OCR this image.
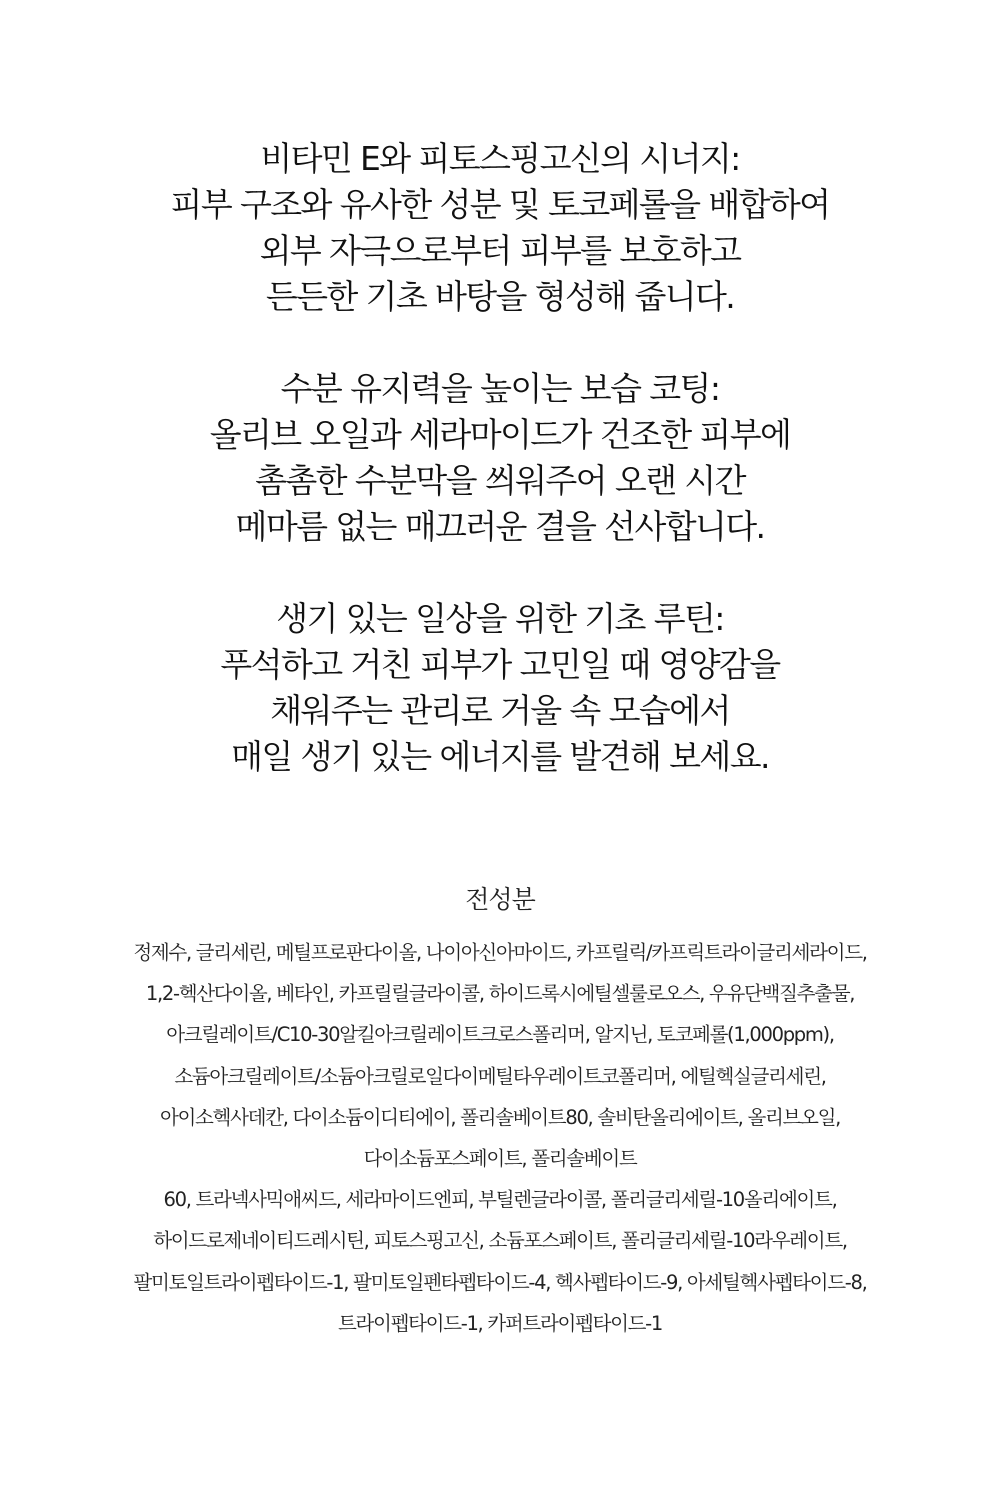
비타민 E와 피토스핑고신의 시너지:
피부 구조와 유사한 성분 및 토코페롤을 배합하여
외부 자극으로부터 피부를 보호하고
든든한 기초 바탕을 형성해 줍니다.
수분 유지력을 높이는 보습 코팅:
올리브 오일과 세라마이드가 건조한 피부에
촘촘한 수분막을 씌워주어 오랜 시간
메마름 없는 매끄러운 결을 선사합니다.
생기 있는 일상을 위한 기초 루틴:
푸석하고 거친 피부가 고민일 때 영양감을
채워주는 관리로 거울 속 모습에서
매일 생기 있는 에너지를 발견해 보세요.
전성분
정제수, 글리세린, 메틸프로판다이올, 나이아신아마이드, 카프릴릭/카프릭트라이글리세라이드,
1,2-헥산다이올, 베타인, 카프릴릴글라이콜, 하이드록시에틸셀룰로오스, 우유단백질추출물,
아크릴레이트/C10-30알킬아크릴레이트크로스폴리머, 알지닌, 토코페롤(1,000ppm),
소듐아크릴레이트/소듐아크릴로일다이메틸타우레이트코폴리머, 에틸헥실글리세린,
아이소헥사데칸, 다이소듐이디티에이, 폴리솔베이트80, 솔비탄올리에이트, 올리브오일,
다이소듐포스페이트, 폴리솔베이트
60, 트라넥사믹애씨드, 세라마이드엔피, 부틸렌글라이콜, 폴리글리세릴-10올리에이트,
하이드로제네이티드레시틴, 피토스핑고신, 소듐포스페이트, 폴리글리세릴-10라우레이트,
팔미토일트라이펩타이드-1, 팔미토일펜타펩타이드-4, 헥사펩타이드-9, 아세틸헥사펩타이드-8,
트라이펩타이드-1, 카퍼트라이펩타이드-1
